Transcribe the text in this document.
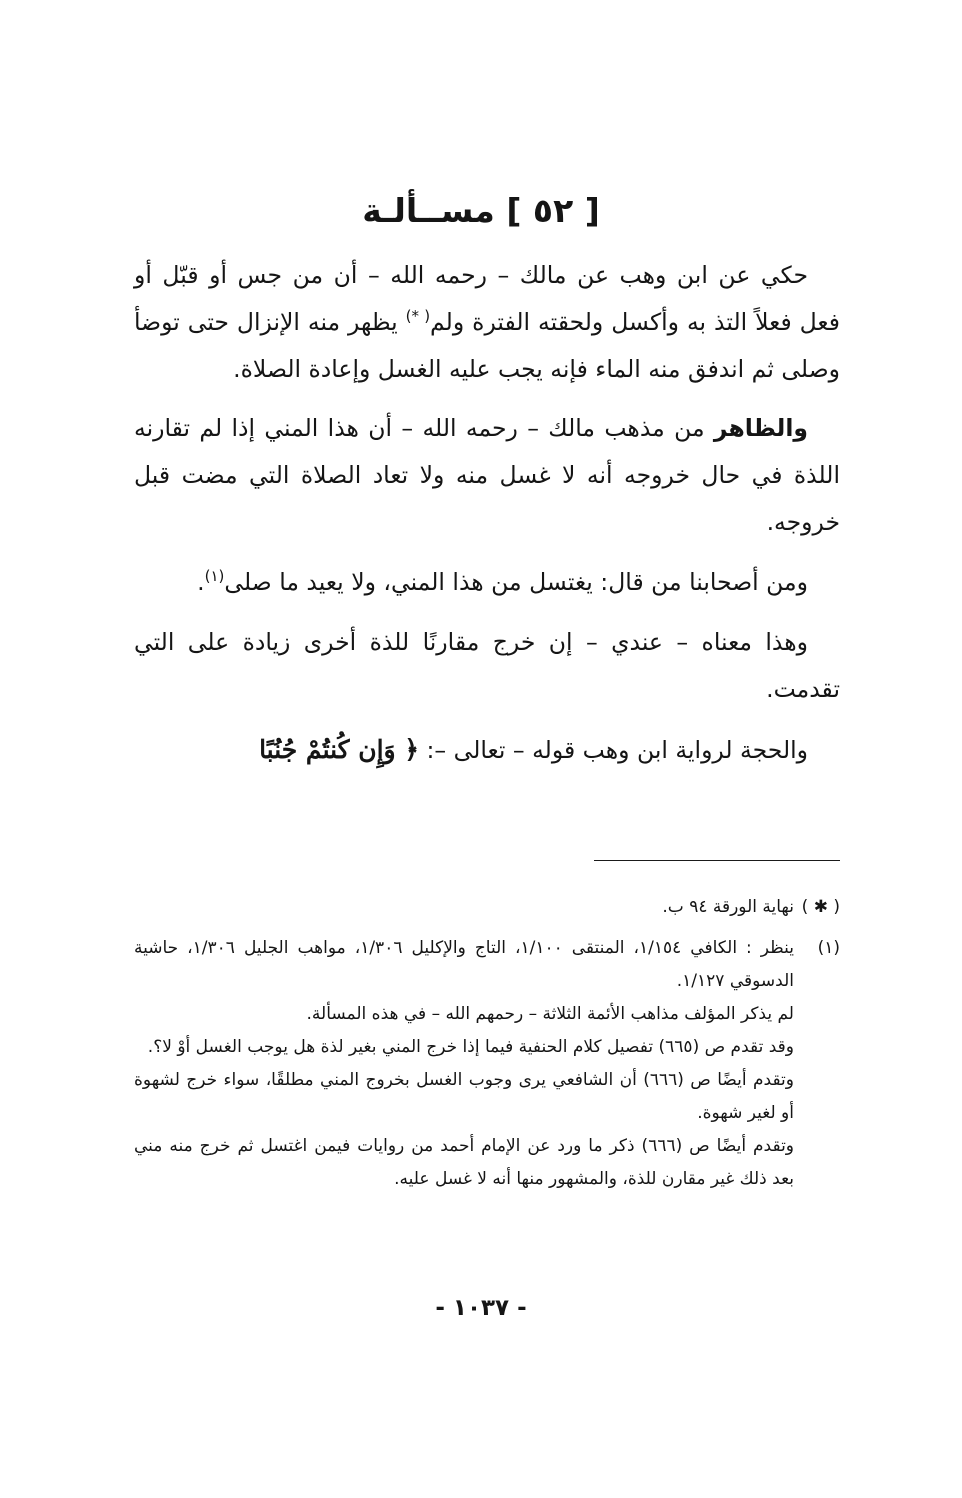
[ ٥٢ ] مســألـة

حكي عن ابن وهب عن مالك – رحمه الله – أن من جس أو قبّل أو فعل فعلاً التذ به وأكسل ولحقته الفترة ولم( *) يظهر منه الإنزال حتى توضأ وصلى ثم اندفق منه الماء فإنه يجب عليه الغسل وإعادة الصلاة.

والظاهر من مذهب مالك – رحمه الله – أن هذا المني إذا لم تقارنه اللذة في حال خروجه أنه لا غسل منه ولا تعاد الصلاة التي مضت قبل خروجه.

ومن أصحابنا من قال: يغتسل من هذا المني، ولا يعيد ما صلى$^{(١)}$.

وهذا معناه – عندي – إن خرج مقارنًا للذة أخرى زيادة على التي تقدمت.

والحجة لرواية ابن وهب قوله – تعالى –: ﴿ وَإِن كُنتُمْ جُنُبًا

( ✱ )
نهاية الورقة ٩٤ ب.
(١)
ينظر : الكافي ١/١٥٤، المنتقى ١/١٠٠، التاج والإكليل ١/٣٠٦، مواهب الجليل ١/٣٠٦، حاشية الدسوقي ١/١٢٧.
لم يذكر المؤلف مذاهب الأئمة الثلاثة – رحمهم الله – في هذه المسألة.
وقد تقدم ص (٦٦٥) تفصيل كلام الحنفية فيما إذا خرج المني بغير لذة هل يوجب الغسل أوْ لا؟.
وتقدم أيضًا ص (٦٦٦) أن الشافعي يرى وجوب الغسل بخروج المني مطلقًا، سواء خرج لشهوة أو لغير شهوة.
وتقدم أيضًا ص (٦٦٦) ذكر ما ورد عن الإمام أحمد من روايات فيمن اغتسل ثم خرج منه مني بعد ذلك غير مقارن للذة، والمشهور منها أنه لا غسل عليه.
- ١٠٣٧ -
